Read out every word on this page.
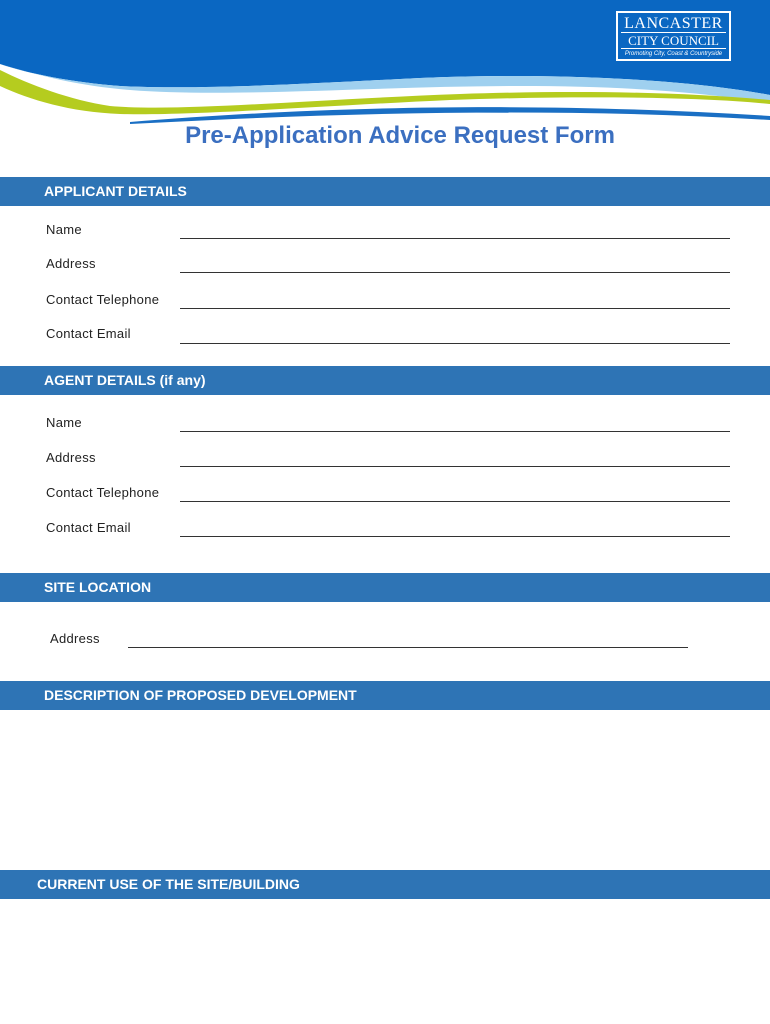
LANCASTER
CITY COUNCIL
Promoting City, Coast & Countryside
Pre-Application Advice Request Form
APPLICANT DETAILS
Name
Address
Contact Telephone
Contact Email
AGENT DETAILS (if any)
Name
Address
Contact Telephone
Contact Email
SITE LOCATION
Address
DESCRIPTION OF PROPOSED DEVELOPMENT
CURRENT USE OF THE SITE/BUILDING
